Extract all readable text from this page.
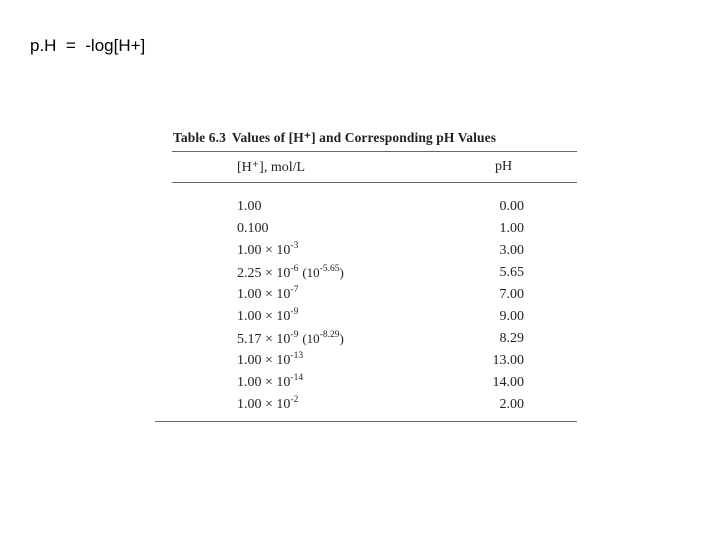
p.H  =  -log[H+]
Table 6.3 Values of [H⁺] and Corresponding pH Values
[H⁺], mol/L	pH
1.00	0.00
0.100	1.00
$1.00 \times 10^{-3}$	3.00
$2.25 \times 10^{-6}$ $(10^{-5.65})$	5.65
$1.00 \times 10^{-7}$	7.00
$1.00 \times 10^{-9}$	9.00
$5.17 \times 10^{-9}$ $(10^{-8.29})$	8.29
$1.00 \times 10^{-13}$	13.00
$1.00 \times 10^{-14}$	14.00
$1.00 \times 10^{-2}$	2.00
